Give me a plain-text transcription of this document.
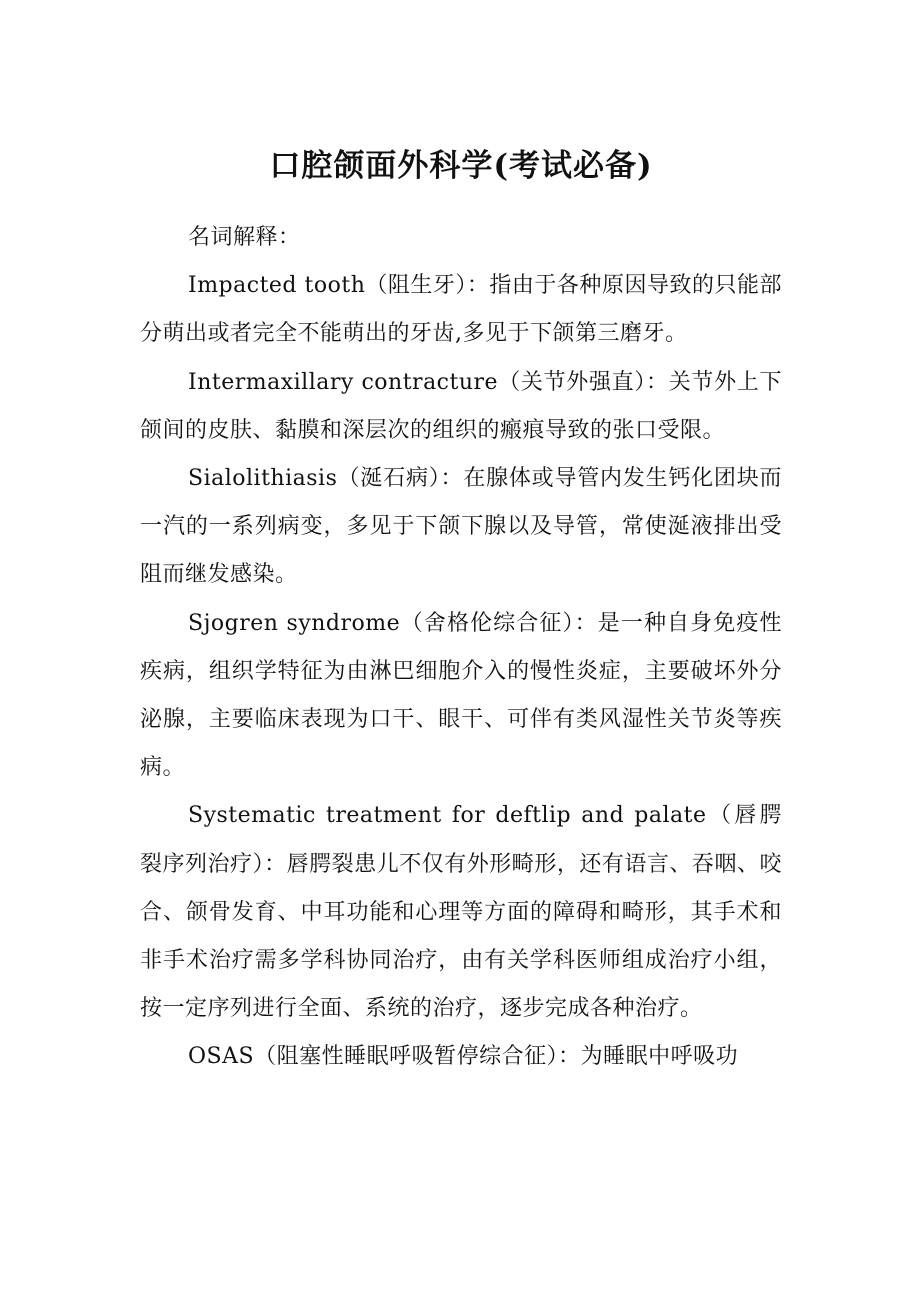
口腔颌面外科学(考试必备)

名词解释：

Impacted tooth（阻生牙）：指由于各种原因导致的只能部分萌出或者完全不能萌出的牙齿,多见于下颌第三磨牙。

Intermaxillary contracture（关节外强直）：关节外上下颌间的皮肤、黏膜和深层次的组织的瘢痕导致的张口受限。

Sialolithiasis（涎石病）：在腺体或导管内发生钙化团块而一汽的一系列病变，多见于下颌下腺以及导管，常使涎液排出受阻而继发感染。

Sjogren syndrome（舍格伦综合征）：是一种自身免疫性疾病，组织学特征为由淋巴细胞介入的慢性炎症，主要破坏外分泌腺，主要临床表现为口干、眼干、可伴有类风湿性关节炎等疾病。

Systematic treatment for deftlip and palate（唇腭裂序列治疗）：唇腭裂患儿不仅有外形畸形，还有语言、吞咽、咬合、颌骨发育、中耳功能和心理等方面的障碍和畸形，其手术和非手术治疗需多学科协同治疗，由有关学科医师组成治疗小组，按一定序列进行全面、系统的治疗，逐步完成各种治疗。

OSAS（阻塞性睡眠呼吸暂停综合征）：为睡眠中呼吸功
